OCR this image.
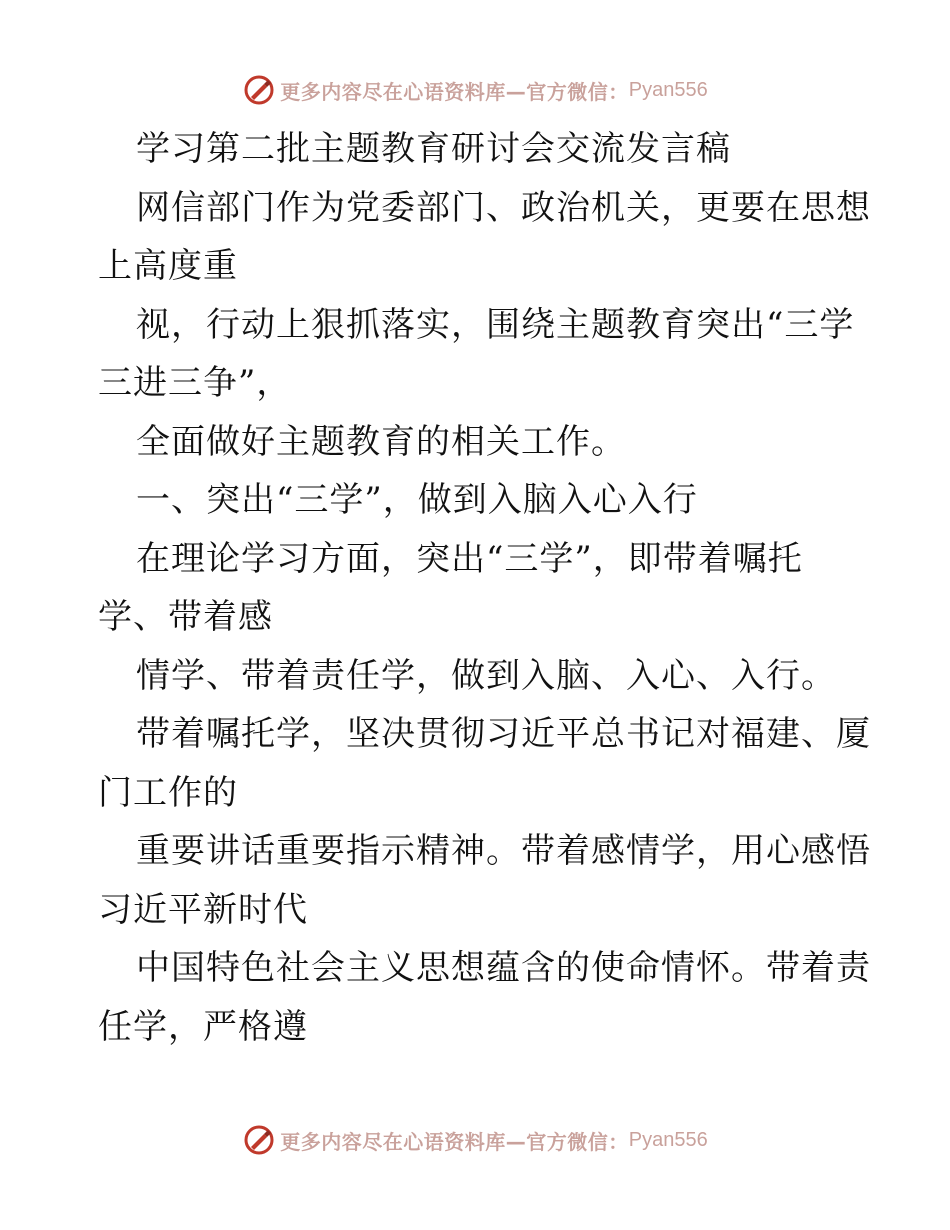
更多内容尽在心语资料库—官方微信： Pyan556
学习第二批主题教育研讨会交流发言稿
网信部门作为党委部门、政治机关，更要在思想
上高度重
视，行动上狠抓落实，围绕主题教育突出“三学
三进三争”，
全面做好主题教育的相关工作。
一、突出“三学”，做到入脑入心入行
在理论学习方面，突出“三学”，即带着嘱托
学、带着感
情学、带着责任学，做到入脑、入心、入行。
带着嘱托学，坚决贯彻习近平总书记对福建、厦
门工作的
重要讲话重要指示精神。带着感情学，用心感悟
习近平新时代
中国特色社会主义思想蕴含的使命情怀。带着责
任学，严格遵
更多内容尽在心语资料库—官方微信： Pyan556
